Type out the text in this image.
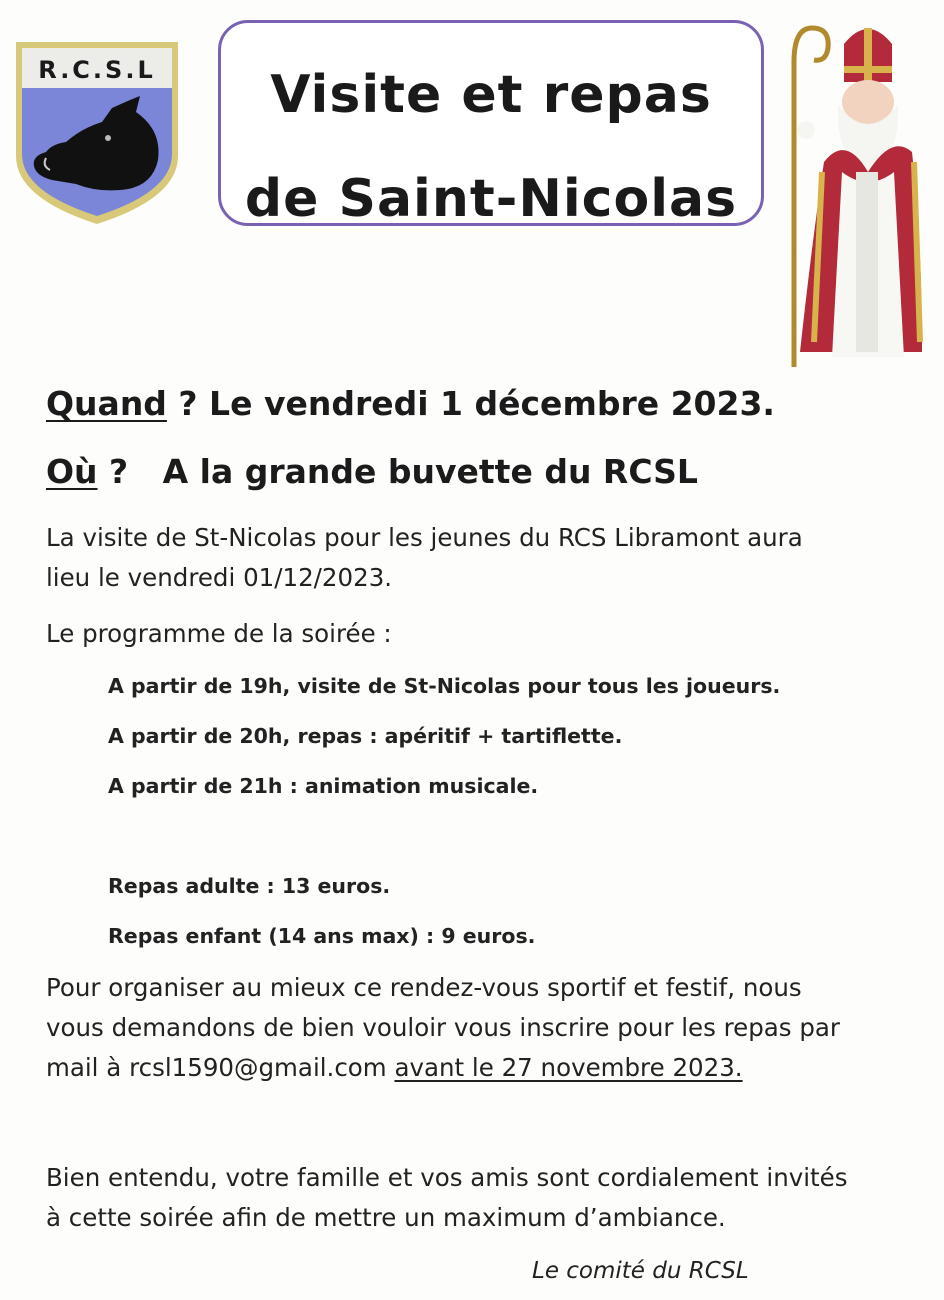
R.C.S.L	Visite et repas
de Saint-Nicolas
Quand ? Le vendredi 1 décembre 2023.
Où ?   A la grande buvette du RCSL
La visite de St-Nicolas pour les jeunes du RCS Libramont aura
lieu le vendredi 01/12/2023.
Le programme de la soirée :
A partir de 19h, visite de St-Nicolas pour tous les joueurs.
A partir de 20h, repas : apéritif + tartiflette.
A partir de 21h : animation musicale.
Repas adulte : 13 euros.
Repas enfant (14 ans max) : 9 euros.
Pour organiser au mieux ce rendez-vous sportif et festif, nous
vous demandons de bien vouloir vous inscrire pour les repas par
mail à rcsl1590@gmail.com avant le 27 novembre 2023.
Bien entendu, votre famille et vos amis sont cordialement invités
à cette soirée afin de mettre un maximum d’ambiance.
Le comité du RCSL
